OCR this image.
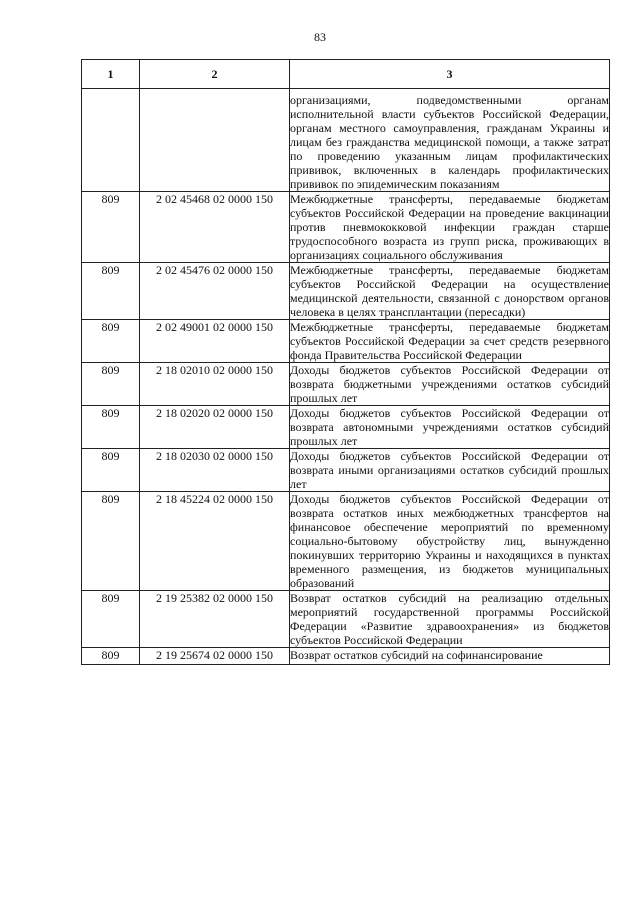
83
1	2	3
		организациями, подведомственными органам исполнительной власти субъектов Российской Федерации, органам местного самоуправления, гражданам Украины и лицам без гражданства медицинской помощи, а также затрат по проведению указанным лицам профилактических прививок, включенных в календарь профилактических прививок по эпидемическим показаниям
809	2 02 45468 02 0000 150	Межбюджетные трансферты, передаваемые бюджетам субъектов Российской Федерации на проведение вакцинации против пневмококковой инфекции граждан старше трудоспособного возраста из групп риска, проживающих в организациях социального обслуживания
809	2 02 45476 02 0000 150	Межбюджетные трансферты, передаваемые бюджетам субъектов Российской Федерации на осуществление медицинской деятельности, связанной с донорством органов человека в целях трансплантации (пересадки)
809	2 02 49001 02 0000 150	Межбюджетные трансферты, передаваемые бюджетам субъектов Российской Федерации за счет средств резервного фонда Правительства Российской Федерации
809	2 18 02010 02 0000 150	Доходы бюджетов субъектов Российской Федерации от возврата бюджетными учреждениями остатков субсидий прошлых лет
809	2 18 02020 02 0000 150	Доходы бюджетов субъектов Российской Федерации от возврата автономными учреждениями остатков субсидий прошлых лет
809	2 18 02030 02 0000 150	Доходы бюджетов субъектов Российской Федерации от возврата иными организациями остатков субсидий прошлых лет
809	2 18 45224 02 0000 150	Доходы бюджетов субъектов Российской Федерации от возврата остатков иных межбюджетных трансфертов на финансовое обеспечение мероприятий по временному социально-бытовому обустройству лиц, вынужденно покинувших территорию Украины и находящихся в пунктах временного размещения, из бюджетов муниципальных образований
809	2 19 25382 02 0000 150	Возврат остатков субсидий на реализацию отдельных мероприятий государственной программы Российской Федерации «Развитие здравоохранения» из бюджетов субъектов Российской Федерации
809	2 19 25674 02 0000 150	Возврат остатков субсидий на софинансирование
